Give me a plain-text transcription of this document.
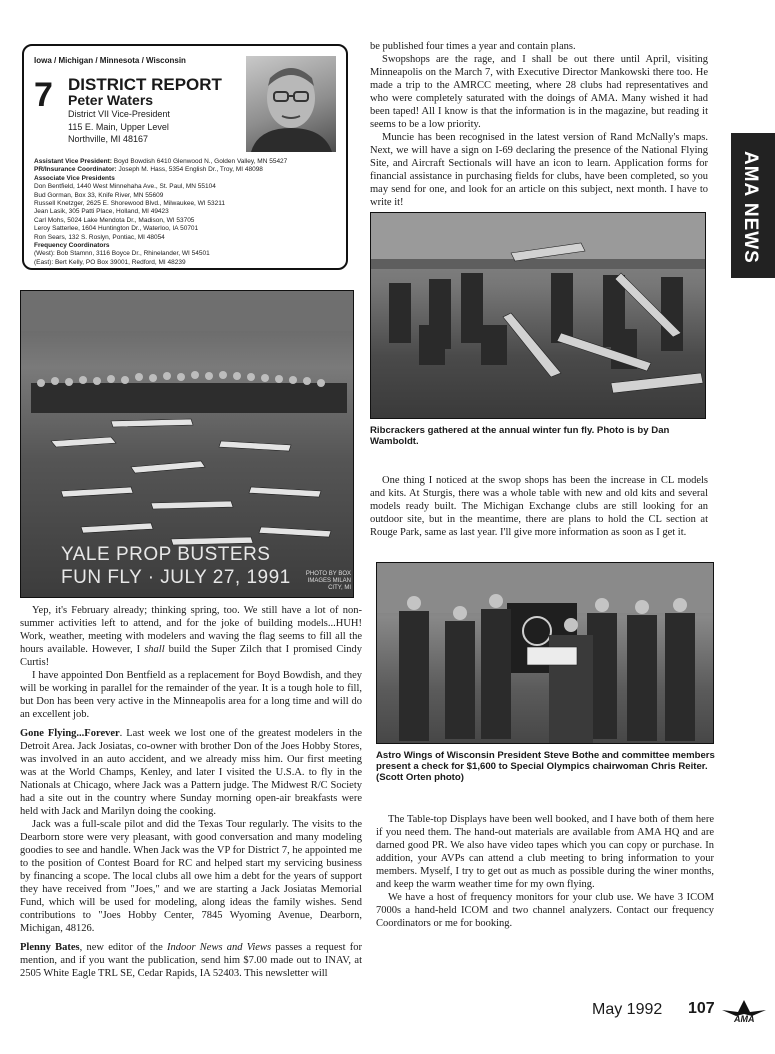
Iowa / Michigan / Minnesota / Wisconsin
7 DISTRICT REPORT
Peter Waters
District VII Vice-President
115 E. Main, Upper Level
Northville, MI 48167
Assistant Vice President: Boyd Bowdish 6410 Glenwood N., Golden Valley, MN 55427
PR/Insurance Coordinator: Joseph M. Hass, 5354 English Dr., Troy, MI 48098
Associate Vice Presidents
Don Bentfield, 1440 West Minnehaha Ave., St. Paul, MN 55104
Bud Gorman, Box 33, Knife River, MN 55609
Russell Knetzger, 2625 E. Shorewood Blvd., Milwaukee, WI 53211
Jean Lasik, 305 Patti Place, Holland, MI 49423
Carl Mohs, 5024 Lake Mendota Dr., Madison, WI 53705
Leroy Satterlee, 1604 Huntington Dr., Waterloo, IA 50701
Ron Sears, 132 S. Roslyn, Pontiac, MI 48054
Frequency Coordinators
(West): Bob Stamnn, 3116 Boyce Dr., Rhinelander, WI 54501
(East): Bert Kelly, PO Box 39001, Redford, MI 48239	AMA NEWS

be published four times a year and contain plans.

Swopshops are the rage, and I shall be out there until April, visiting Minneapolis on the March 7, with Executive Director Mankowski there too. He made a trip to the AMRCC meeting, where 28 clubs had representatives and who were completely saturated with the doings of AMA. Many wished it had been taped! All I know is that the information is in the magazine, but reading it seems to be a low priority.

Muncie has been recognised in the latest version of Rand McNally's maps. Next, we will have a sign on I-69 declaring the presence of the National Flying Site, and Aircraft Sectionals will have an icon to learn. Application forms for financial assistance in purchasing fields for clubs, have been completed, so you may send for one, and look for an article on this subject, next month. I have to write it!

YALE PROP BUSTERS
FUN FLY · JULY 27, 1991	PHOTO BY BOX IMAGES MILAN CITY, MI

Yep, it's February already; thinking spring, too. We still have a lot of non-summer activities left to attend, and for the joke of building models...HUH! Work, weather, meeting with modelers and waving the flag seems to fill all the hours available. However, I shall build the Super Zilch that I promised Cindy Curtis!

I have appointed Don Bentfield as a replacement for Boyd Bowdish, and they will be working in parallel for the remainder of the year. It is a tough hole to fill, but Don has been very active in the Minneapolis area for a long time and will do an excellent job.

Gone Flying...Forever. Last week we lost one of the greatest modelers in the Detroit Area. Jack Josiatas, co-owner with brother Don of the Joes Hobby Stores, was involved in an auto accident, and we already miss him. Our first meeting was at the World Champs, Kenley, and later I visited the U.S.A. to fly in the Nationals at Chicago, where Jack was a Pattern judge. The Midwest R/C Society had a site out in the country where Sunday morning open-air breakfasts were held with Jack and Marilyn doing the cooking.

Jack was a full-scale pilot and did the Texas Tour regularly. The visits to the Dearborn store were very pleasant, with good conversation and many modeling goodies to see and handle. When Jack was the VP for District 7, he appointed me to the position of Contest Board for RC and helped start my servicing business by financing a scope. The local clubs all owe him a debt for the years of support they have received from "Joes," and we are starting a Jack Josiatas Memorial Fund, which will be used for modeling, along ideas the family wishes. Send contributions to "Joes Hobby Center, 7845 Wyoming Avenue, Dearborn, Michigan, 48126.

Plenny Bates, new editor of the Indoor News and Views passes a request for mention, and if you want the publication, send him $7.00 made out to INAV, at 2505 White Eagle TRL SE, Cedar Rapids, IA 52403. This newsletter will

Ribcrackers gathered at the annual winter fun fly. Photo is by Dan Wamboldt.

One thing I noticed at the swop shops has been the increase in CL models and kits. At Sturgis, there was a whole table with new and old kits and several models ready built. The Michigan Exchange clubs are still looking for an outdoor site, but in the meantime, there are plans to hold the CL section at Rouge Park, same as last year. I'll give more information as soon as I get it.

Astro Wings of Wisconsin President Steve Bothe and committee members present a check for $1,600 to Special Olympics chairwoman Chris Reiter. (Scott Orten photo)

The Table-top Displays have been well booked, and I have both of them here if you need them. The hand-out materials are available from AMA HQ and are darned good PR. We also have video tapes which you can copy or purchase. In addition, your AVPs can attend a club meeting to bring information to your members. Myself, I try to get out as much as possible during the winer months, and keep the warm weather time for my own flying.

We have a host of frequency monitors for your club use. We have 3 ICOM 7000s a hand-held ICOM and two channel analyzers. Contact our frequency Coordinators or me for booking.

May 1992 107
AMA
